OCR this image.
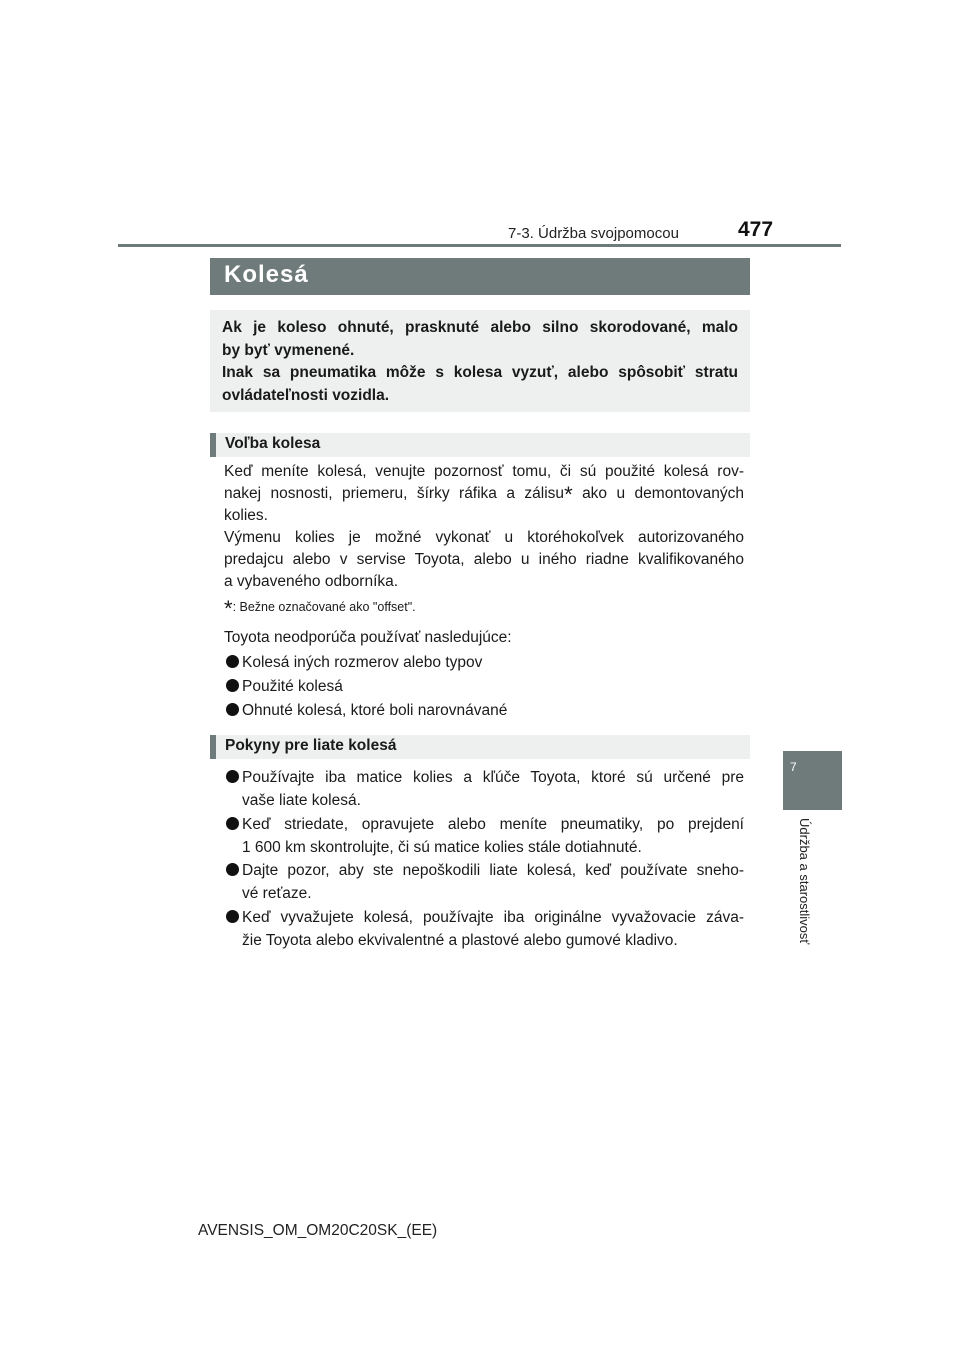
7-3. Údržba svojpomocou	477
7
Údržba a starostlivosť
Kolesá

Ak je koleso ohnuté, prasknuté alebo silno skorodované, malo

by byť vymenené.

Inak sa pneumatika môže s kolesa vyzuť, alebo spôsobiť stratu

ovládateľnosti vozidla.

Voľba kolesa
Keď meníte kolesá, venujte pozornosť tomu, či sú použité kolesá rov-
nakej nosnosti, priemeru, šírky ráfika a zálisu* ako u demontovaných
kolies.
Výmenu kolies je možné vykonať u ktoréhokoľvek autorizovaného
predajcu alebo v servise Toyota, alebo u iného riadne kvalifikovaného
a vybaveného odborníka.
*: Bežne označované ako "offset".
Toyota neodporúča používať nasledujúce:
Kolesá iných rozmerov alebo typov
Použité kolesá
Ohnuté kolesá, ktoré boli narovnávané
Pokyny pre liate kolesá
Používajte iba matice kolies a kľúče Toyota, ktoré sú určené pre
vaše liate kolesá.
Keď striedate, opravujete alebo meníte pneumatiky, po prejdení
1 600 km skontrolujte, či sú matice kolies stále dotiahnuté.
Dajte pozor, aby ste nepoškodili liate kolesá, keď používate sneho-
vé reťaze.
Keď vyvažujete kolesá, používajte iba originálne vyvažovacie záva-
žie Toyota alebo ekvivalentné a plastové alebo gumové kladivo.
AVENSIS_OM_OM20C20SK_(EE)
